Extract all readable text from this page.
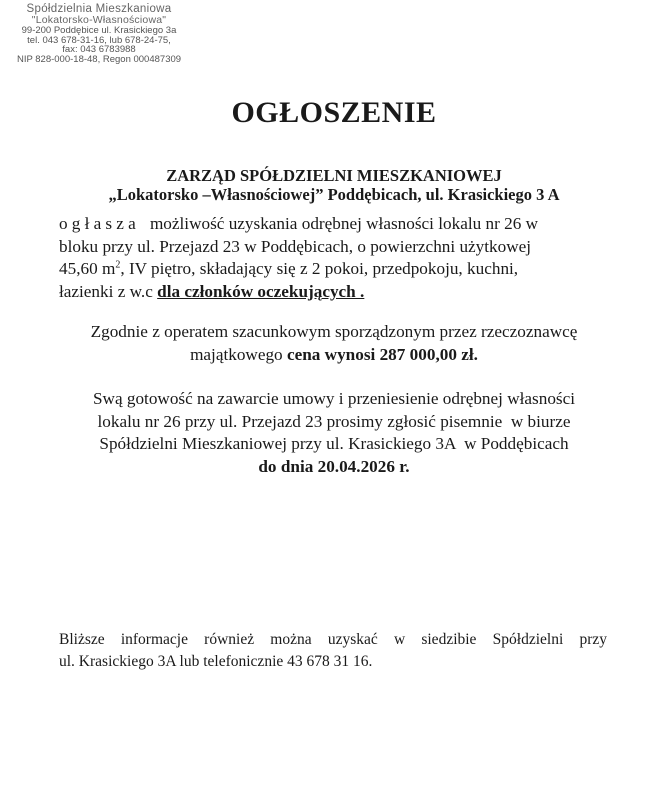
Spółdzielnia Mieszkaniowa
"Lokatorsko-Własnościowa"
99-200 Poddębice ul. Krasickiego 3a
tel. 043 678-31-16, lub 678-24-75,
fax: 043 6783988
NIP 828-000-18-48, Regon 000487309
OGŁOSZENIE
ZARZĄD SPÓŁDZIELNI MIESZKANIOWEJ
„Lokatorsko –Własnościowej” Poddębicach, ul. Krasickiego 3 A
ogłasza możliwość uzyskania odrębnej własności lokalu nr 26 w
bloku przy ul. Przejazd 23 w Poddębicach, o powierzchni użytkowej
45,60 $m^2$, IV piętro, składający się z 2 pokoi, przedpokoju, kuchni,
łazienki z w.c dla członków oczekujących .
Zgodnie z operatem szacunkowym sporządzonym przez rzeczoznawcę
majątkowego cena wynosi 287 000,00 zł.
Swą gotowość na zawarcie umowy i przeniesienie odrębnej własności
lokalu nr 26 przy ul. Przejazd 23 prosimy zgłosić pisemnie  w biurze
Spółdzielni Mieszkaniowej przy ul. Krasickiego 3A  w Poddębicach
do dnia 20.04.2026 r.
Bliższe informacje również można uzyskać w siedzibie Spółdzielni przy
ul. Krasickiego 3A lub telefonicznie 43 678 31 16.
